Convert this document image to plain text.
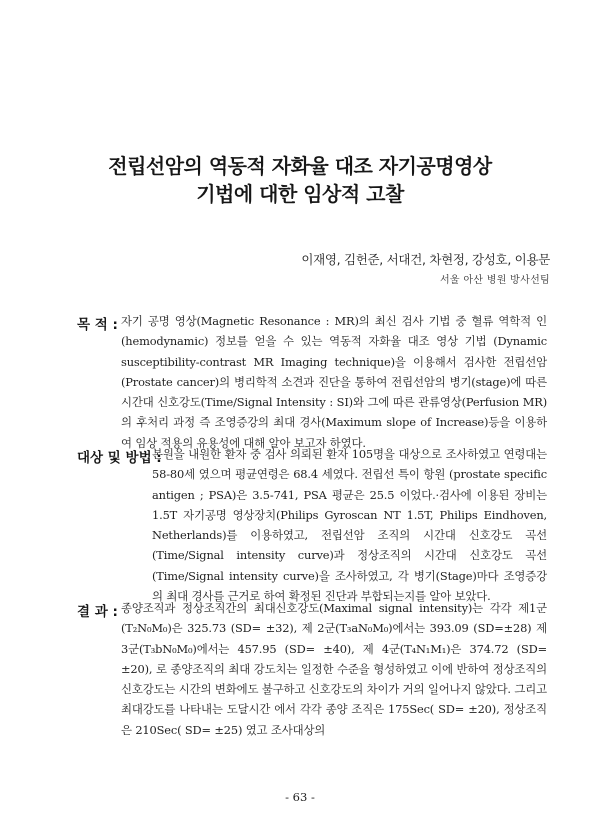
전립선암의 역동적 자화율 대조 자기공명영상
기법에 대한 임상적 고찰
이재영, 김헌준, 서대건, 차현정, 강성호, 이용문
서울 아산 병원 방사선팀
목 적 : 자기 공명 영상(Magnetic Resonance : MR)의 최신 검사 기법 중 혈류 역학적 인(hemodynamic) 정보를 얻을 수 있는 역동적 자화율 대조 영상 기법 (Dynamic susceptibility-contrast MR Imaging technique)을 이용해서 검사한 전립선암(Prostate cancer)의 병리학적 소견과 진단을 통하여 전립선암의 병기(stage)에 따른 시간대 신호강도(Time/Signal Intensity : SI)와 그에 따른 관류영상(Perfusion MR)의 후처리 과정 즉 조영증강의 최대 경사(Maximum slope of Increase)등을 이용하여 임상 적용의 유용성에 대해 알아 보고자 하였다.
대상 및 방법 :
본원을 내원한 환자 중 검사 의뢰된 환자 105명을 대상으로 조사하였고 연령대는 58-80세 였으며 평균연령은 68.4 세였다. 전립선 특이 항원 (prostate specific antigen ; PSA)은 3.5-741, PSA 평균은 25.5 이었다.·검사에 이용된 장비는 1.5T 자기공명 영상장치(Philips Gyroscan NT 1.5T, Philips Eindhoven, Netherlands)를 이용하였고, 전립선암 조직의 시간대 신호강도 곡선(Time/Signal intensity curve)과 정상조직의 시간대 신호강도 곡선(Time/Signal intensity curve)을 조사하였고, 각 병기(Stage)마다 조영증강의 최대 경사를 근거로 하여 확정된 진단과 부합되는지를 알아 보았다.
결 과 : 종양조직과 정상조직간의 최대신호강도(Maximal signal intensity)는 각각 제1군(T₂N₀M₀)은 325.73 (SD= ±32), 제 2군(T₃aN₀M₀)에서는 393.09 (SD=±28) 제 3군(T₃bN₀M₀)에서는 457.95 (SD= ±40), 제 4군(T₄N₁M₁)은 374.72 (SD= ±20), 로 종양조직의 최대 강도치는 일정한 수준을 형성하였고 이에 반하여 정상조직의 신호강도는 시간의 변화에도 불구하고 신호강도의 차이가 거의 일어나지 않았다. 그리고 최대강도를 나타내는 도달시간 에서 각각 종양 조직은 175Sec( SD= ±20), 정상조직은 210Sec( SD= ±25) 였고 조사대상의
- 63 -
